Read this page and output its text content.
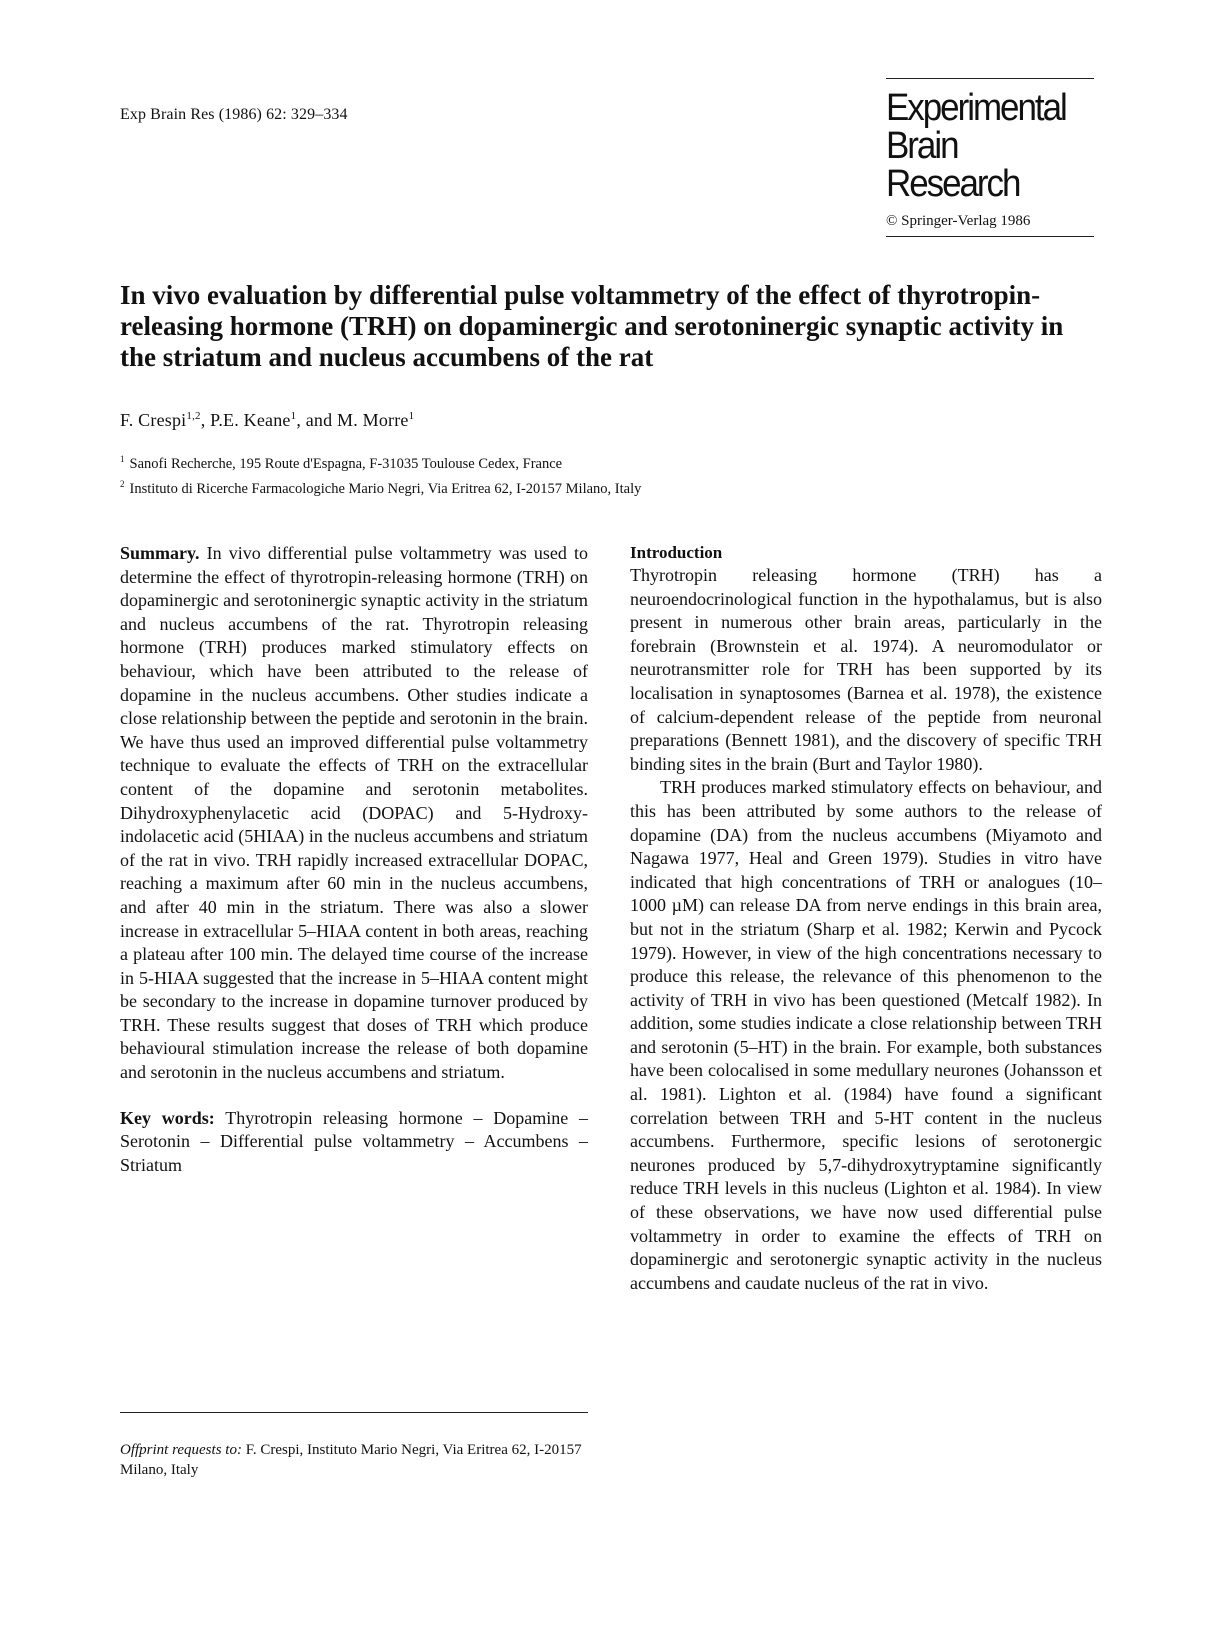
Exp Brain Res (1986) 62: 329–334	Experimental
Brain Research
© Springer-Verlag 1986
In vivo evaluation by differential pulse voltammetry of the effect of thyrotropin-releasing hormone (TRH) on dopaminergic and serotoninergic synaptic activity in the striatum and nucleus accumbens of the rat
F. Crespi$^{1,2}$, P.E. Keane$^1$, and M. Morre$^1$
$^1$ Sanofi Recherche, 195 Route d'Espagna, F-31035 Toulouse Cedex, France
$^2$ Instituto di Ricerche Farmacologiche Mario Negri, Via Eritrea 62, I-20157 Milano, Italy

Summary. In vivo differential pulse voltammetry was used to determine the effect of thyrotropin-releasing hormone (TRH) on dopaminergic and serotoninergic synaptic activity in the striatum and nucleus accumbens of the rat. Thyrotropin releasing hormone (TRH) produces marked stimulatory effects on behaviour, which have been attributed to the release of dopamine in the nucleus accumbens. Other studies indicate a close relationship between the peptide and serotonin in the brain. We have thus used an improved differential pulse voltammetry technique to evaluate the effects of TRH on the extracellular content of the dopamine and serotonin metabolites. Dihydroxyphenylacetic acid (DOPAC) and 5-Hydroxy-indolacetic acid (5HIAA) in the nucleus accumbens and striatum of the rat in vivo. TRH rapidly increased extracellular DOPAC, reaching a maximum after 60 min in the nucleus accumbens, and after 40 min in the striatum. There was also a slower increase in extracellular 5–HIAA content in both areas, reaching a plateau after 100 min. The delayed time course of the increase in 5-HIAA suggested that the increase in 5–HIAA content might be secondary to the increase in dopamine turnover produced by TRH. These results suggest that doses of TRH which produce behavioural stimulation increase the release of both dopamine and serotonin in the nucleus accumbens and striatum.

Key words: Thyrotropin releasing hormone – Dopamine – Serotonin – Differential pulse voltammetry – Accumbens – Striatum

Offprint requests to: F. Crespi, Instituto Mario Negri, Via Eritrea 62, I-20157 Milano, Italy
Introduction

Thyrotropin releasing hormone (TRH) has a neuroendocrinological function in the hypothalamus, but is also present in numerous other brain areas, particularly in the forebrain (Brownstein et al. 1974). A neuromodulator or neurotransmitter role for TRH has been supported by its localisation in synaptosomes (Barnea et al. 1978), the existence of calcium-dependent release of the peptide from neuronal preparations (Bennett 1981), and the discovery of specific TRH binding sites in the brain (Burt and Taylor 1980).

TRH produces marked stimulatory effects on behaviour, and this has been attributed by some authors to the release of dopamine (DA) from the nucleus accumbens (Miyamoto and Nagawa 1977, Heal and Green 1979). Studies in vitro have indicated that high concentrations of TRH or analogues (10–1000 µM) can release DA from nerve endings in this brain area, but not in the striatum (Sharp et al. 1982; Kerwin and Pycock 1979). However, in view of the high concentrations necessary to produce this release, the relevance of this phenomenon to the activity of TRH in vivo has been questioned (Metcalf 1982). In addition, some studies indicate a close relationship between TRH and serotonin (5–HT) in the brain. For example, both substances have been colocalised in some medullary neurones (Johansson et al. 1981). Lighton et al. (1984) have found a significant correlation between TRH and 5-HT content in the nucleus accumbens. Furthermore, specific lesions of serotonergic neurones produced by 5,7-dihydroxytryptamine significantly reduce TRH levels in this nucleus (Lighton et al. 1984). In view of these observations, we have now used differential pulse voltammetry in order to examine the effects of TRH on dopaminergic and serotonergic synaptic activity in the nucleus accumbens and caudate nucleus of the rat in vivo.
